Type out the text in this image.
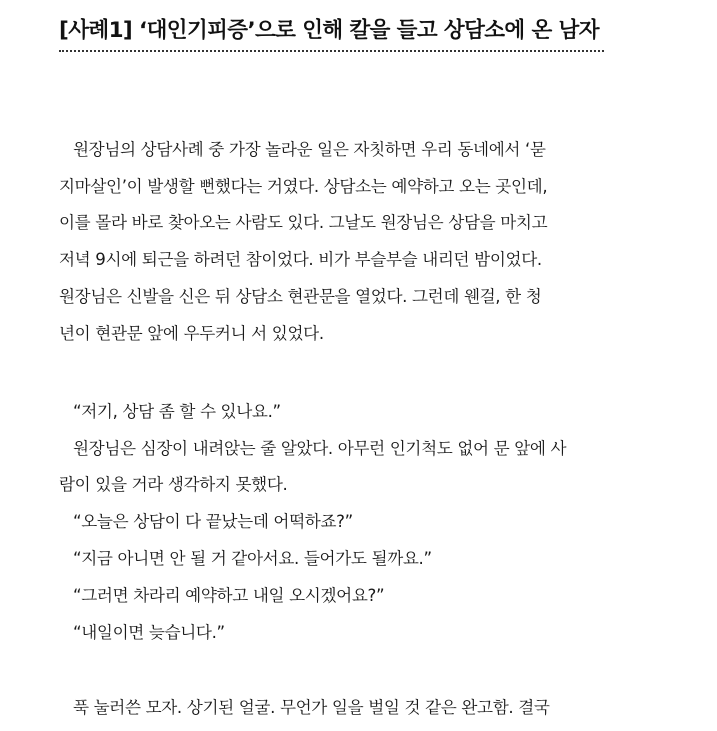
[사례1] ‘대인기피증’으로 인해 칼을 들고 상담소에 온 남자
원장님의 상담사례 중 가장 놀라운 일은 자칫하면 우리 동네에서 ‘묻
지마살인’이 발생할 뻔했다는 거였다. 상담소는 예약하고 오는 곳인데,
이를 몰라 바로 찾아오는 사람도 있다. 그날도 원장님은 상담을 마치고
저녁 9시에 퇴근을 하려던 참이었다. 비가 부슬부슬 내리던 밤이었다.
원장님은 신발을 신은 뒤 상담소 현관문을 열었다. 그런데 웬걸, 한 청
년이 현관문 앞에 우두커니 서 있었다.
“저기, 상담 좀 할 수 있나요.”
원장님은 심장이 내려앉는 줄 알았다. 아무런 인기척도 없어 문 앞에 사
람이 있을 거라 생각하지 못했다.
“오늘은 상담이 다 끝났는데 어떡하죠?”
“지금 아니면 안 될 거 같아서요. 들어가도 될까요.”
“그러면 차라리 예약하고 내일 오시겠어요?”
“내일이면 늦습니다.”
푹 눌러쓴 모자. 상기된 얼굴. 무언가 일을 벌일 것 같은 완고함. 결국
